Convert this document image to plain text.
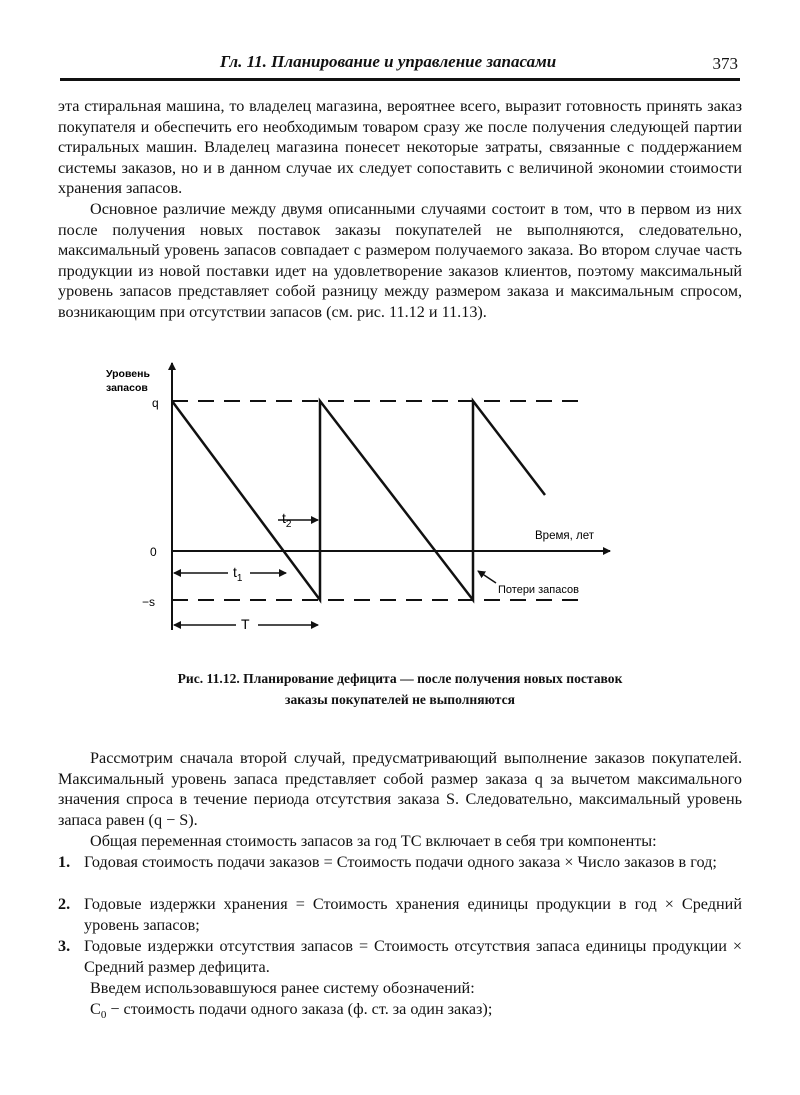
Гл. 11. Планирование и управление запасами	373

эта стиральная машина, то владелец магазина, вероятнее всего, выразит готовность принять заказ покупателя и обеспечить его необходимым товаром сразу же после получения следующей партии стиральных машин. Владелец магазина понесет некоторые затраты, связанные с поддержанием системы заказов, но и в данном случае их следует сопоставить с величиной экономии стоимости хранения запасов.

Основное различие между двумя описанными случаями состоит в том, что в первом из них после получения новых поставок заказы покупателей не выполняются, следовательно, максимальный уровень запасов совпадает с размером получаемого заказа. Во втором случае часть продукции из новой поставки идет на удовлетворение заказов клиентов, поэтому максимальный уровень запасов представляет собой разницу между размером заказа и максимальным спросом, возникающим при отсутствии запасов (см. рис. 11.12 и 11.13).

$t_2$
$t_1$
T
Потери запасов
Уровень
запасов
Время, лет
q
0
−s
Рис. 11.12. Планирование дефицита — после получения новых поставок
заказы покупателей не выполняются

Рассмотрим сначала второй случай, предусматривающий выполнение заказов покупателей. Максимальный уровень запаса представляет собой размер заказа q за вычетом максимального значения спроса в течение периода отсутствия заказа S. Следовательно, максимальный уровень запаса равен (q − S).

Общая переменная стоимость запасов за год TC включает в себя три компоненты:

1. Годовая стоимость подачи заказов = Стоимость подачи одного заказа × Число заказов в год;
2. Годовые издержки хранения = Стоимость хранения единицы продукции в год × Средний уровень запасов;
3. Годовые издержки отсутствия запасов = Стоимость отсутствия запаса единицы продукции × Средний размер дефицита.

Введем использовавшуюся ранее систему обозначений:

$C_0$ − стоимость подачи одного заказа (ф. ст. за один заказ);
